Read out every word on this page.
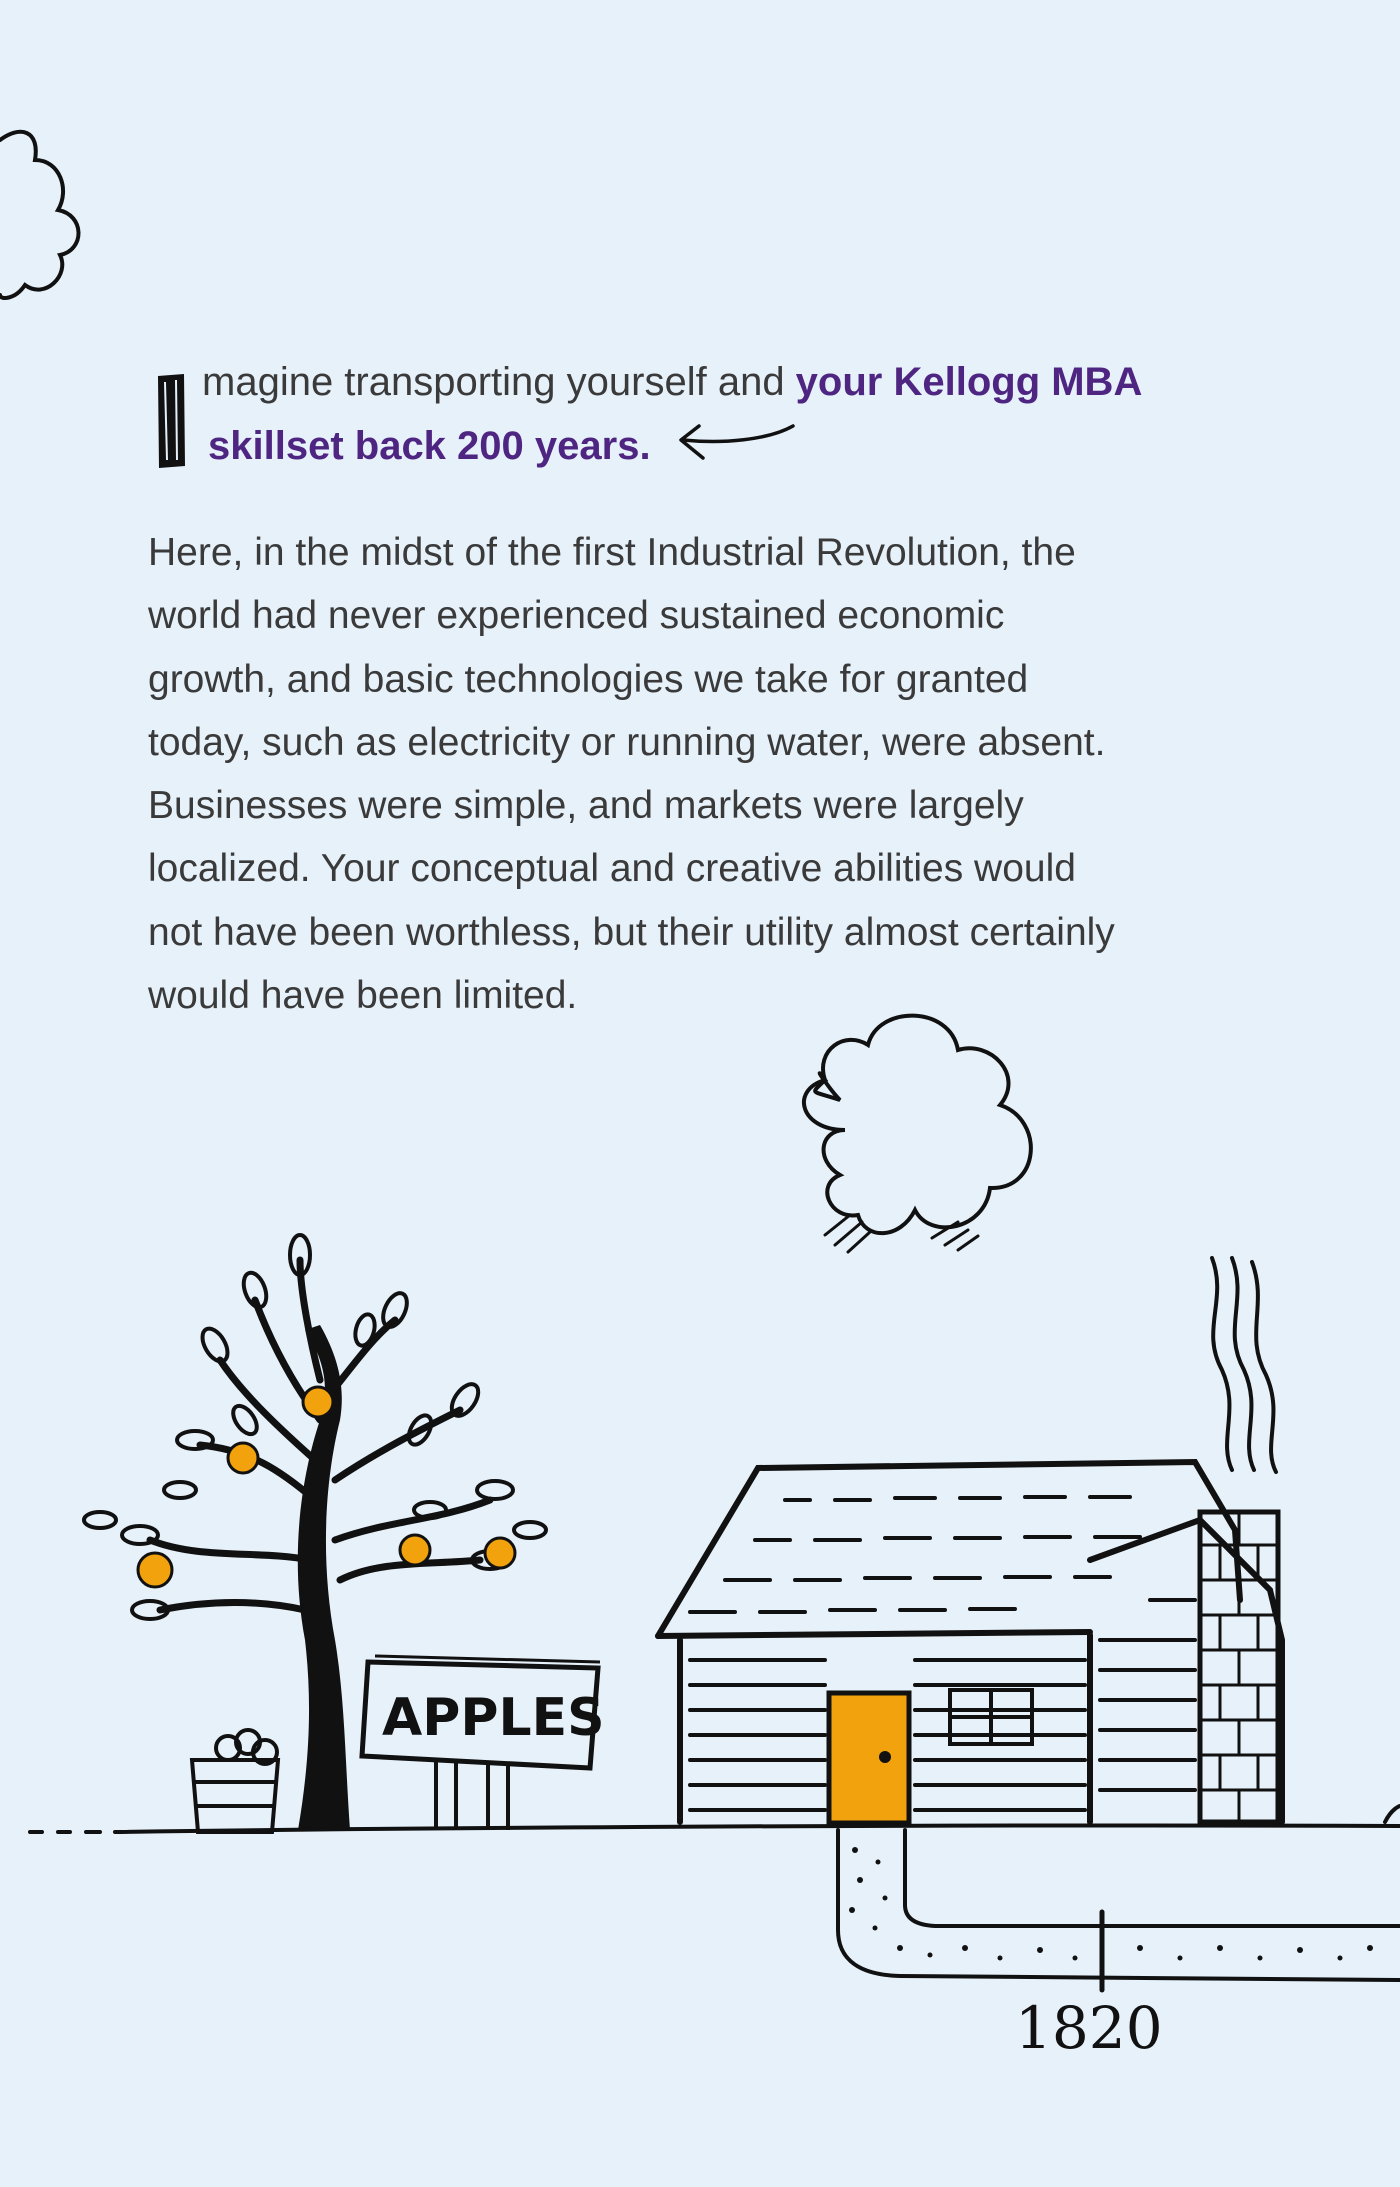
APPLES
1820
magine transporting yourself and your Kellogg MBA
skillset back 200 years.

Here, in the midst of the first Industrial Revolution, the
world had never experienced sustained economic
growth, and basic technologies we take for granted
today, such as electricity or running water, were absent.
Businesses were simple, and markets were largely
localized. Your conceptual and creative abilities would
not have been worthless, but their utility almost certainly
would have been limited.
